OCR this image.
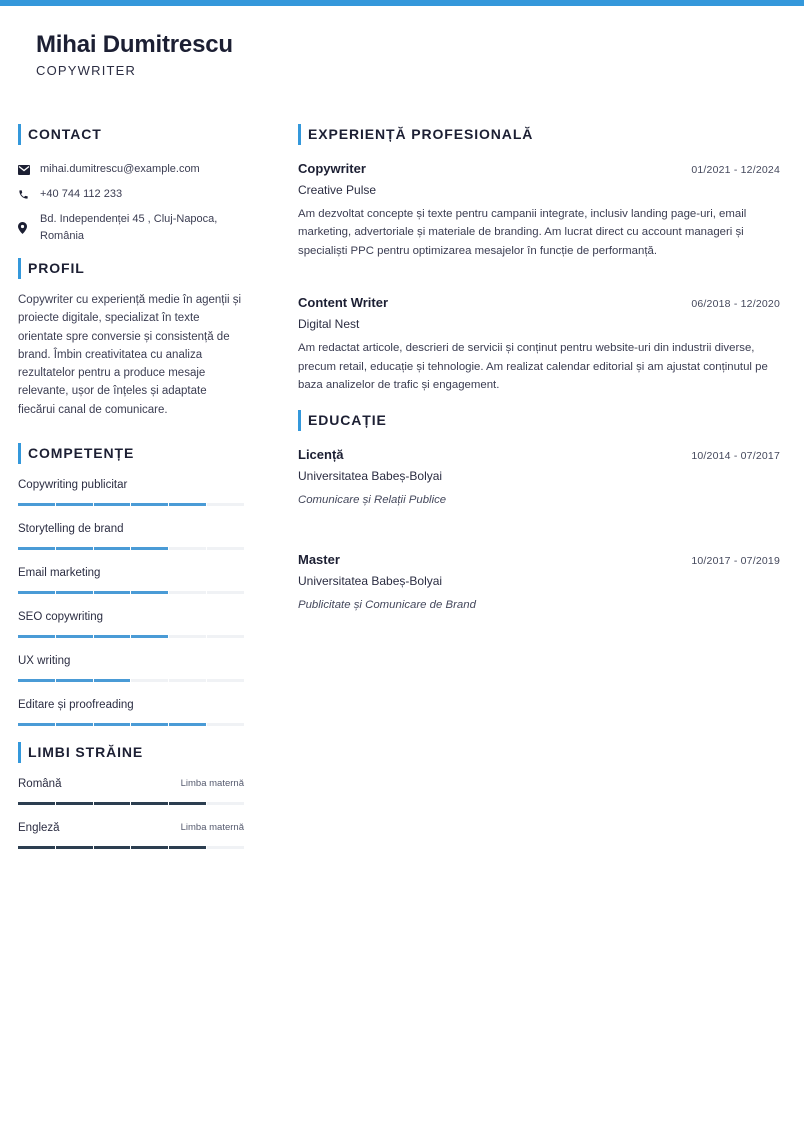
Mihai Dumitrescu
COPYWRITER
CONTACT
mihai.dumitrescu@example.com
+40 744 112 233
Bd. Independenței 45 , Cluj-Napoca, România
PROFIL
Copywriter cu experiență medie în agenții și proiecte digitale, specializat în texte orientate spre conversie și consistență de brand. Îmbin creativitatea cu analiza rezultatelor pentru a produce mesaje relevante, ușor de înțeles și adaptate fiecărui canal de comunicare.
COMPETENȚE
Copywriting publicitar
Storytelling de brand
Email marketing
SEO copywriting
UX writing
Editare și proofreading
LIMBI STRĂINE
Română	Limba maternă
Engleză	Limba maternă
EXPERIENȚĂ PROFESIONALĂ
Copywriter	01/2021 - 12/2024
Creative Pulse
Am dezvoltat concepte și texte pentru campanii integrate, inclusiv landing page-uri, email marketing, advertoriale și materiale de branding. Am lucrat direct cu account manageri și specialiști PPC pentru optimizarea mesajelor în funcție de performanță.
Content Writer	06/2018 - 12/2020
Digital Nest
Am redactat articole, descrieri de servicii și conținut pentru website-uri din industrii diverse, precum retail, educație și tehnologie. Am realizat calendar editorial și am ajustat conținutul pe baza analizelor de trafic și engagement.
EDUCAȚIE
Licență	10/2014 - 07/2017
Universitatea Babeș-Bolyai
Comunicare și Relații Publice
Master	10/2017 - 07/2019
Universitatea Babeș-Bolyai
Publicitate și Comunicare de Brand
